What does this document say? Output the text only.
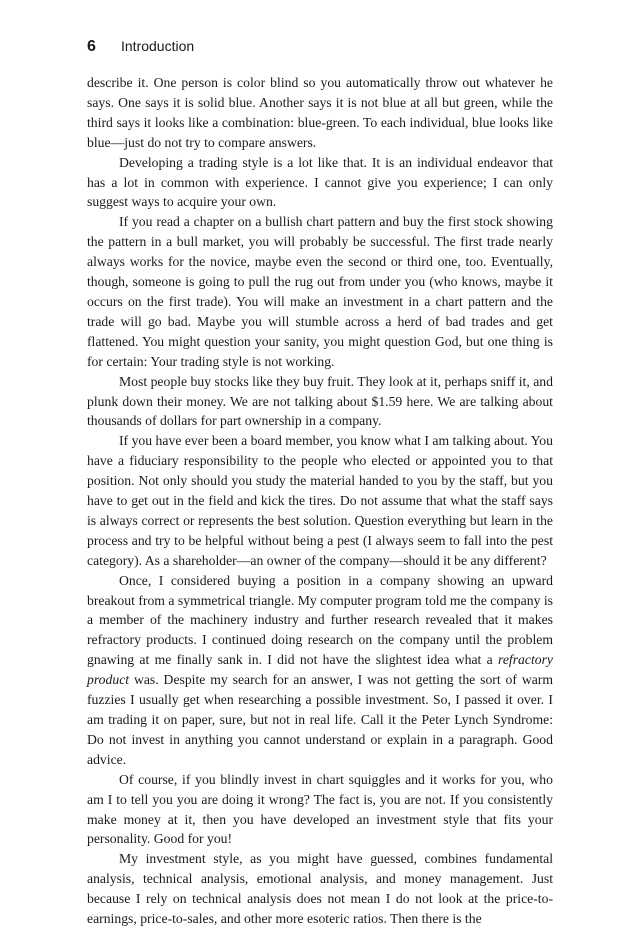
6	Introduction

describe it. One person is color blind so you automatically throw out whatever he says. One says it is solid blue. Another says it is not blue at all but green, while the third says it looks like a combination: blue-green. To each individual, blue looks like blue—just do not try to compare answers.

Developing a trading style is a lot like that. It is an individual endeavor that has a lot in common with experience. I cannot give you experience; I can only suggest ways to acquire your own.

If you read a chapter on a bullish chart pattern and buy the first stock showing the pattern in a bull market, you will probably be successful. The first trade nearly always works for the novice, maybe even the second or third one, too. Eventually, though, someone is going to pull the rug out from under you (who knows, maybe it occurs on the first trade). You will make an investment in a chart pattern and the trade will go bad. Maybe you will stumble across a herd of bad trades and get flattened. You might question your sanity, you might question God, but one thing is for certain: Your trading style is not working.

Most people buy stocks like they buy fruit. They look at it, perhaps sniff it, and plunk down their money. We are not talking about $1.59 here. We are talking about thousands of dollars for part ownership in a company.

If you have ever been a board member, you know what I am talking about. You have a fiduciary responsibility to the people who elected or appointed you to that position. Not only should you study the material handed to you by the staff, but you have to get out in the field and kick the tires. Do not assume that what the staff says is always correct or represents the best solution. Question everything but learn in the process and try to be helpful without being a pest (I always seem to fall into the pest category). As a shareholder—an owner of the company—should it be any different?

Once, I considered buying a position in a company showing an upward breakout from a symmetrical triangle. My computer program told me the company is a member of the machinery industry and further research revealed that it makes refractory products. I continued doing research on the company until the problem gnawing at me finally sank in. I did not have the slightest idea what a refractory product was. Despite my search for an answer, I was not getting the sort of warm fuzzies I usually get when researching a possible investment. So, I passed it over. I am trading it on paper, sure, but not in real life. Call it the Peter Lynch Syndrome: Do not invest in anything you cannot understand or explain in a paragraph. Good advice.

Of course, if you blindly invest in chart squiggles and it works for you, who am I to tell you you are doing it wrong? The fact is, you are not. If you consistently make money at it, then you have developed an investment style that fits your personality. Good for you!

My investment style, as you might have guessed, combines fundamental analysis, technical analysis, emotional analysis, and money management. Just because I rely on technical analysis does not mean I do not look at the price-to-earnings, price-to-sales, and other more esoteric ratios. Then there is the
